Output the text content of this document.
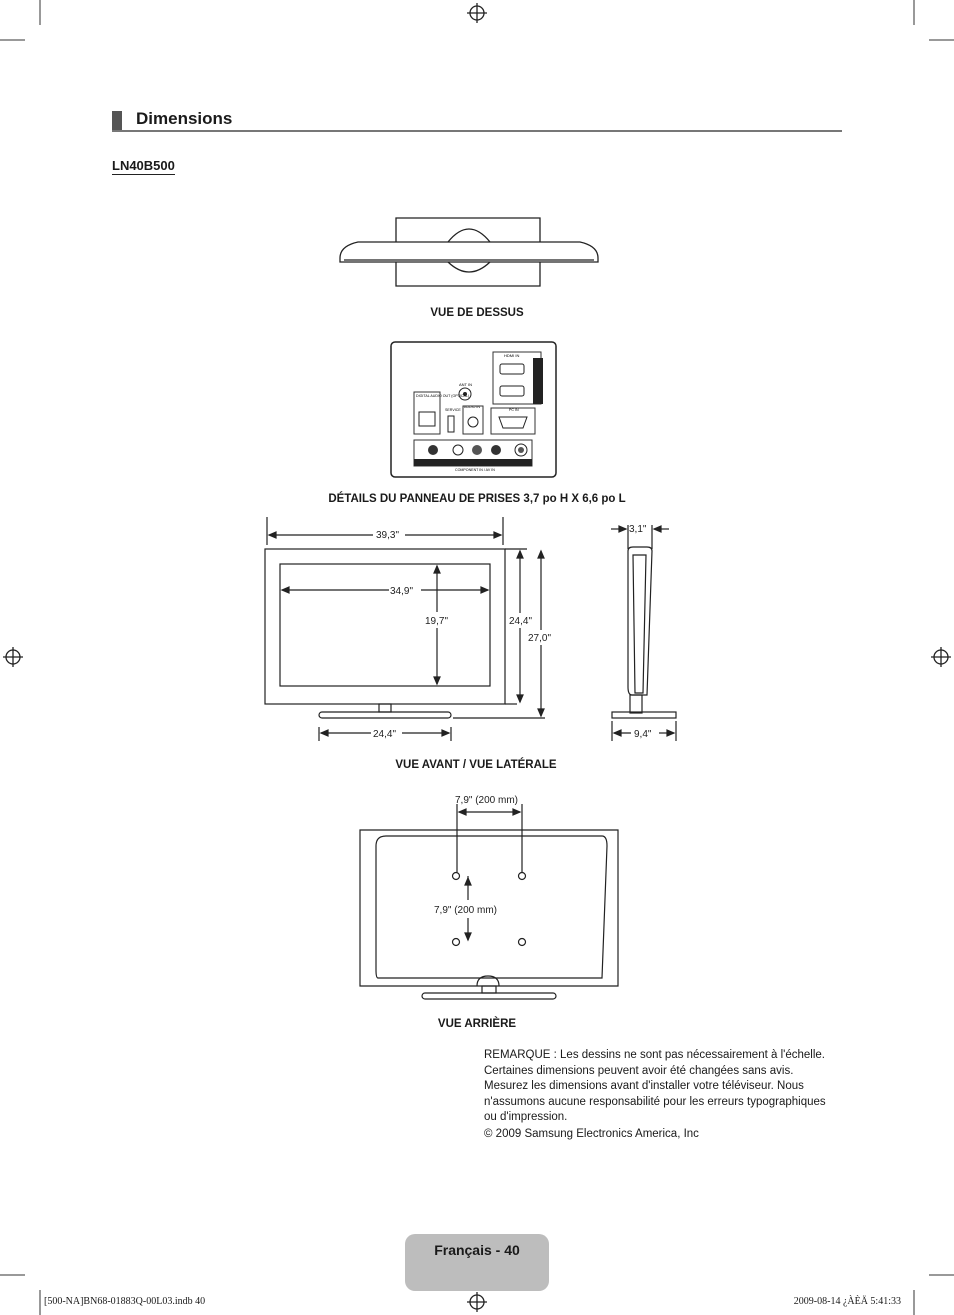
Dimensions
LN40B500
VUE DE DESSUS
HDMI IN
ANT IN
DIGITAL AUDIO OUT (OPTICAL)
SERVICE
AUDIO IN
PC IN
COMPONENT IN / AV IN
DÉTAILS DU PANNEAU DE PRISES 3,7 po H X 6,6 po L
39,3"
34,9"
19,7"	24,4"
27,0"
24,4"
3,1"
9,4"
VUE AVANT / VUE LATÉRALE
7,9" (200 mm)
7,9" (200 mm)
VUE ARRIÈRE
REMARQUE : Les dessins ne sont pas nécessairement à l'échelle. Certaines dimensions peuvent avoir été changées sans avis. Mesurez les dimensions avant d'installer votre téléviseur. Nous n'assumons aucune responsabilité pour les erreurs typographiques ou d'impression.
© 2009 Samsung Electronics America, Inc
Français - 40
[500-NA]BN68-01883Q-00L03.indb 40	2009-08-14 ¿ÀÈÄ 5:41:33
